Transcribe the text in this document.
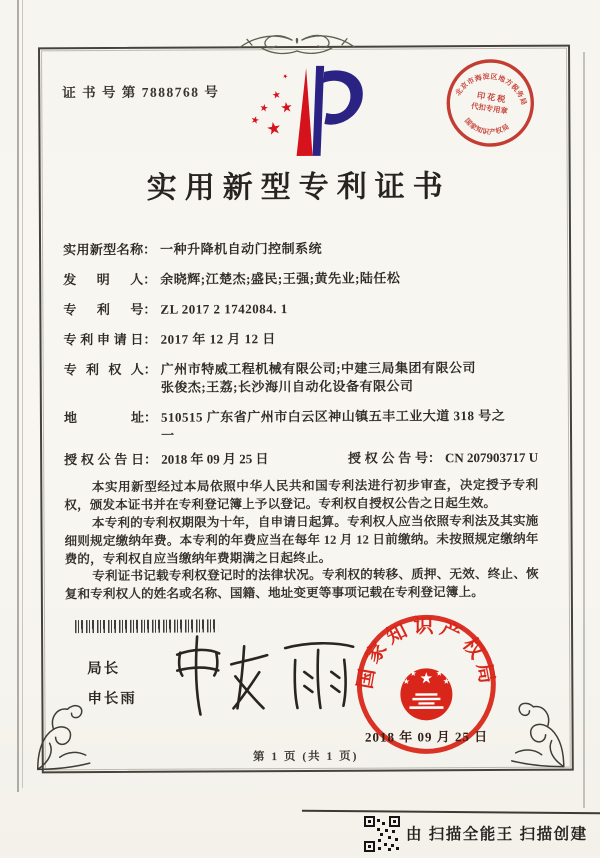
证 书 号 第 7888768 号	北京市海淀区地方税务局
印 花 税
代扣专用章
国家知识产权局
★
★
★ ★
★ ★
实用新型专利证书
实用新型名称 ： 一种升降机自动门控制系统
发明人 ： 余晓辉;江楚杰;盛民;王强;黄先业;陆任松
专利号 ： ZL 2017 2 1742084. 1
专利申请日 ： 2017 年 12 月 12 日
专利权人 ： 广州市特威工程机械有限公司;中建三局集团有限公司
张俊杰;王荔;长沙海川自动化设备有限公司
地址 ： 510515 广东省广州市白云区神山镇五丰工业大道 318 号之
一
授权公告日 ： 2018 年 09 月 25 日	授权公告号 ： CN 207903717 U

本实用新型经过本局依照中华人民共和国专利法进行初步审查，决定授予专利权，颁发本证书并在专利登记簿上予以登记。专利权自授权公告之日起生效。

本专利的专利权期限为十年，自申请日起算。专利权人应当依照专利法及其实施细则规定缴纳年费。本专利的年费应当在每年 12 月 12 日前缴纳。未按照规定缴纳年费的，专利权自应当缴纳年费期满之日起终止。

专利证书记载专利权登记时的法律状况。专利权的转移、质押、无效、终止、恢复和专利权人的姓名或名称、国籍、地址变更等事项记载在专利登记簿上。

局长
申长雨
国家知识产权局
2018 年 09 月 25 日
第 1 页 (共 1 页)
由 扫描全能王 扫描创建
